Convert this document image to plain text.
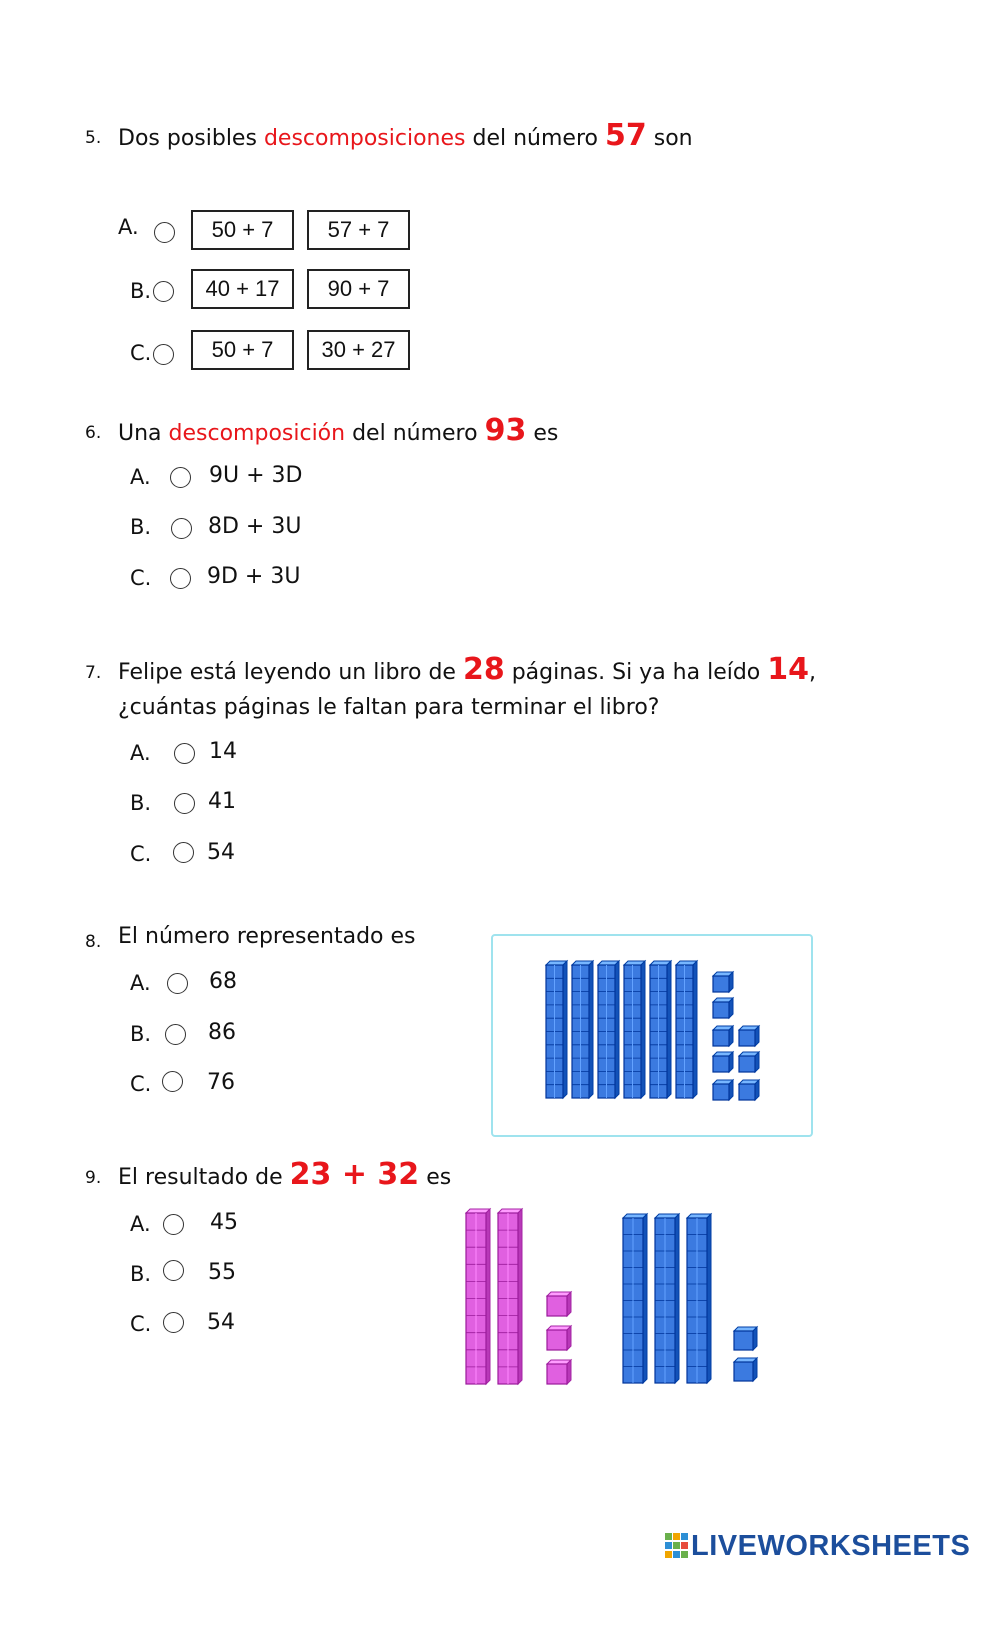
5. Dos posibles descomposiciones del número 57 son
A.	50 + 7	57 + 7
B.	40 + 17	90 + 7
C.	50 + 7	30 + 27
6. Una descomposición del número 93 es
A.	9U + 3D
B.	8D + 3U
C.	9D + 3U
7. Felipe está leyendo un libro de 28 páginas. Si ya ha leído 14,
¿cuántas páginas le faltan para terminar el libro?
A.	14
B.	41
C.	54
8. El número representado es
A.	68
B.	86
C.	76
9. El resultado de 23 + 32 es
A.	45
B.	55
C.	54
LIVEWORKSHEETS
